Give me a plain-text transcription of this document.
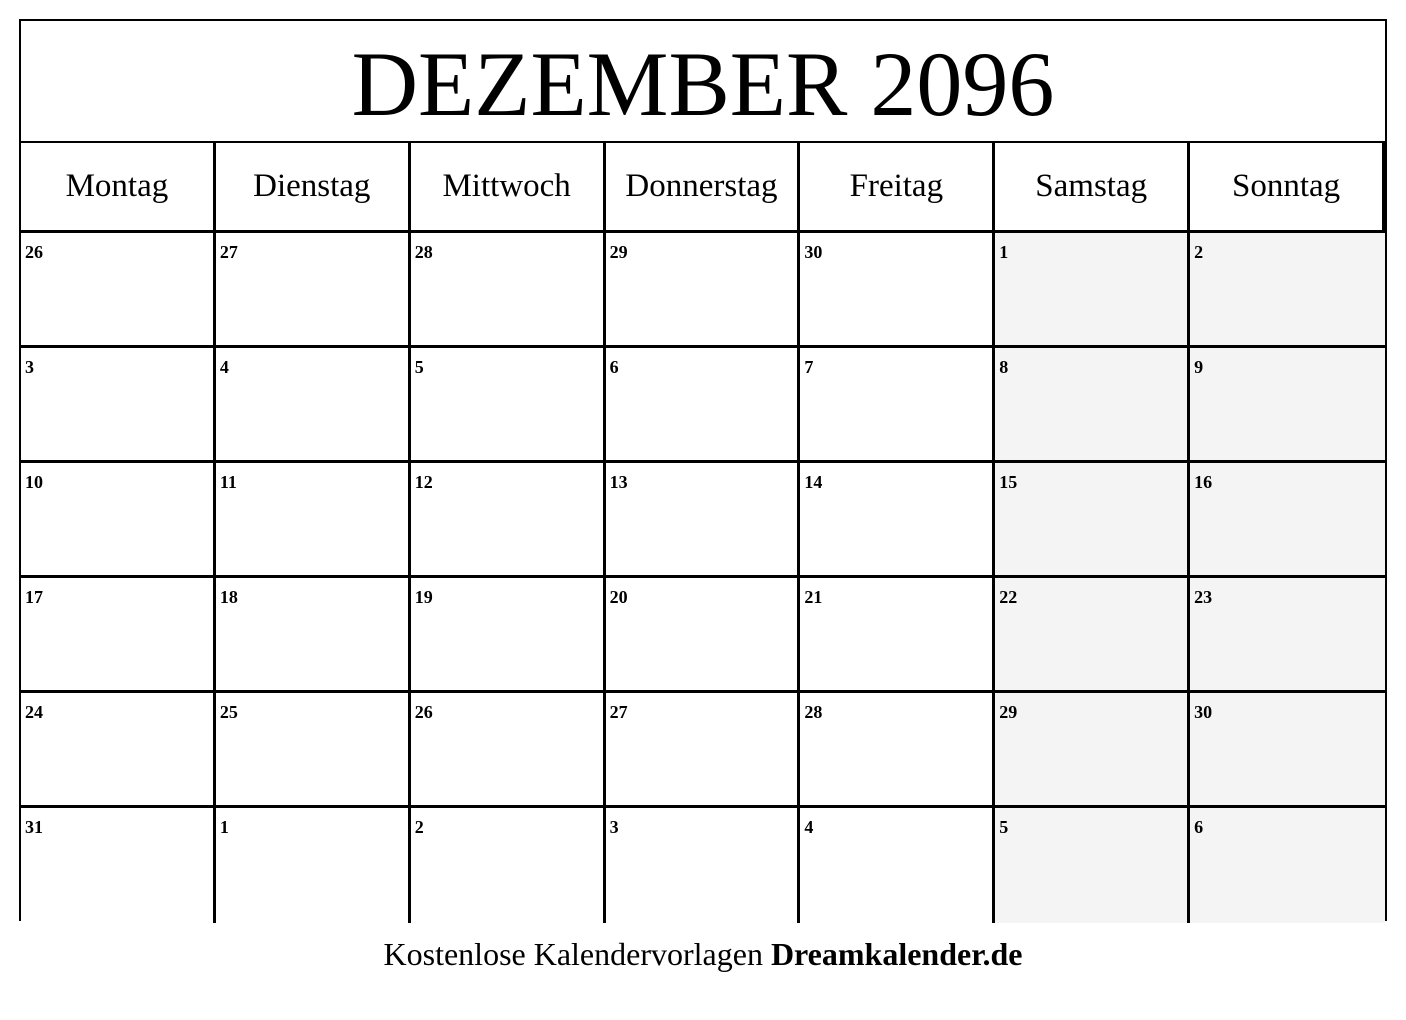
DEZEMBER 2096
Montag	Dienstag	Mittwoch	Donnerstag	Freitag	Samstag	Sonntag
26	27	28	29	30	1	2
3	4	5	6	7	8	9
10	11	12	13	14	15	16
17	18	19	20	21	22	23
24	25	26	27	28	29	30
31	1	2	3	4	5	6
Kostenlose Kalendervorlagen Dreamkalender.de
